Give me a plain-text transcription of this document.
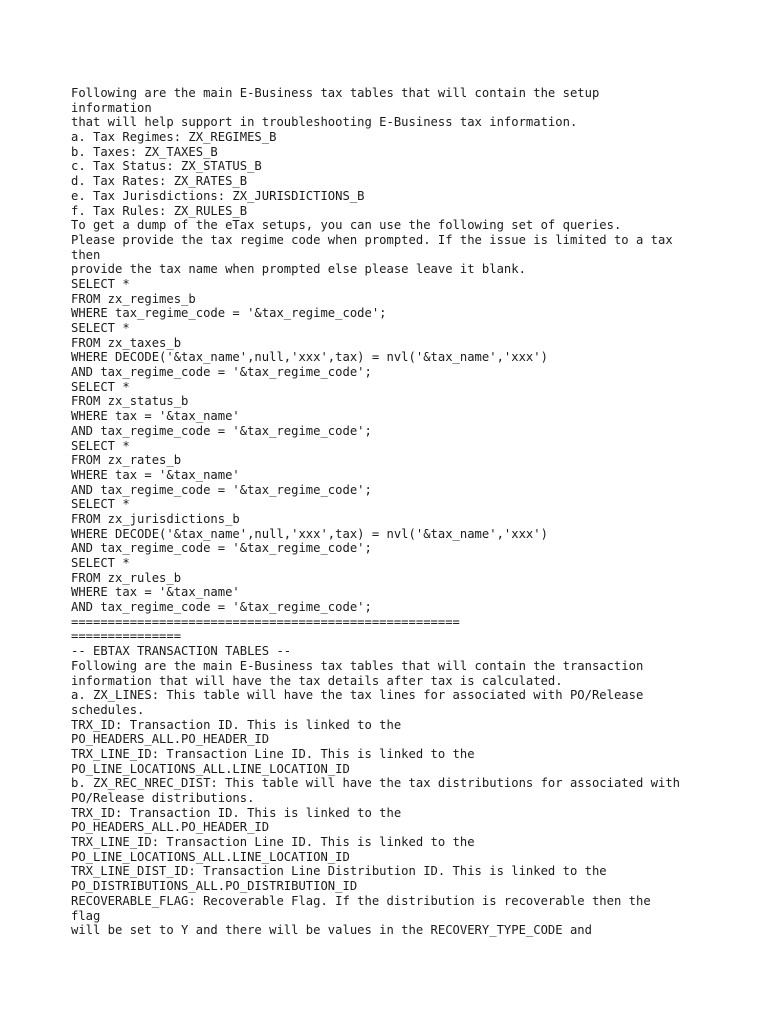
Following are the main E-Business tax tables that will contain the setup
information
that will help support in troubleshooting E-Business tax information.
a. Tax Regimes: ZX_REGIMES_B
b. Taxes: ZX_TAXES_B
c. Tax Status: ZX_STATUS_B
d. Tax Rates: ZX_RATES_B
e. Tax Jurisdictions: ZX_JURISDICTIONS_B
f. Tax Rules: ZX_RULES_B
To get a dump of the eTax setups, you can use the following set of queries.
Please provide the tax regime code when prompted. If the issue is limited to a tax
then
provide the tax name when prompted else please leave it blank.
SELECT *
FROM zx_regimes_b
WHERE tax_regime_code = '&tax_regime_code';
SELECT *
FROM zx_taxes_b
WHERE DECODE('&tax_name',null,'xxx',tax) = nvl('&tax_name','xxx')
AND tax_regime_code = '&tax_regime_code';
SELECT *
FROM zx_status_b
WHERE tax = '&tax_name'
AND tax_regime_code = '&tax_regime_code';
SELECT *
FROM zx_rates_b
WHERE tax = '&tax_name'
AND tax_regime_code = '&tax_regime_code';
SELECT *
FROM zx_jurisdictions_b
WHERE DECODE('&tax_name',null,'xxx',tax) = nvl('&tax_name','xxx')
AND tax_regime_code = '&tax_regime_code';
SELECT *
FROM zx_rules_b
WHERE tax = '&tax_name'
AND tax_regime_code = '&tax_regime_code';
=====================================================
===============
-- EBTAX TRANSACTION TABLES --
Following are the main E-Business tax tables that will contain the transaction
information that will have the tax details after tax is calculated.
a. ZX_LINES: This table will have the tax lines for associated with PO/Release
schedules.
TRX_ID: Transaction ID. This is linked to the
PO_HEADERS_ALL.PO_HEADER_ID
TRX_LINE_ID: Transaction Line ID. This is linked to the
PO_LINE_LOCATIONS_ALL.LINE_LOCATION_ID
b. ZX_REC_NREC_DIST: This table will have the tax distributions for associated with
PO/Release distributions.
TRX_ID: Transaction ID. This is linked to the
PO_HEADERS_ALL.PO_HEADER_ID
TRX_LINE_ID: Transaction Line ID. This is linked to the
PO_LINE_LOCATIONS_ALL.LINE_LOCATION_ID
TRX_LINE_DIST_ID: Transaction Line Distribution ID. This is linked to the
PO_DISTRIBUTIONS_ALL.PO_DISTRIBUTION_ID
RECOVERABLE_FLAG: Recoverable Flag. If the distribution is recoverable then the
flag
will be set to Y and there will be values in the RECOVERY_TYPE_CODE and
